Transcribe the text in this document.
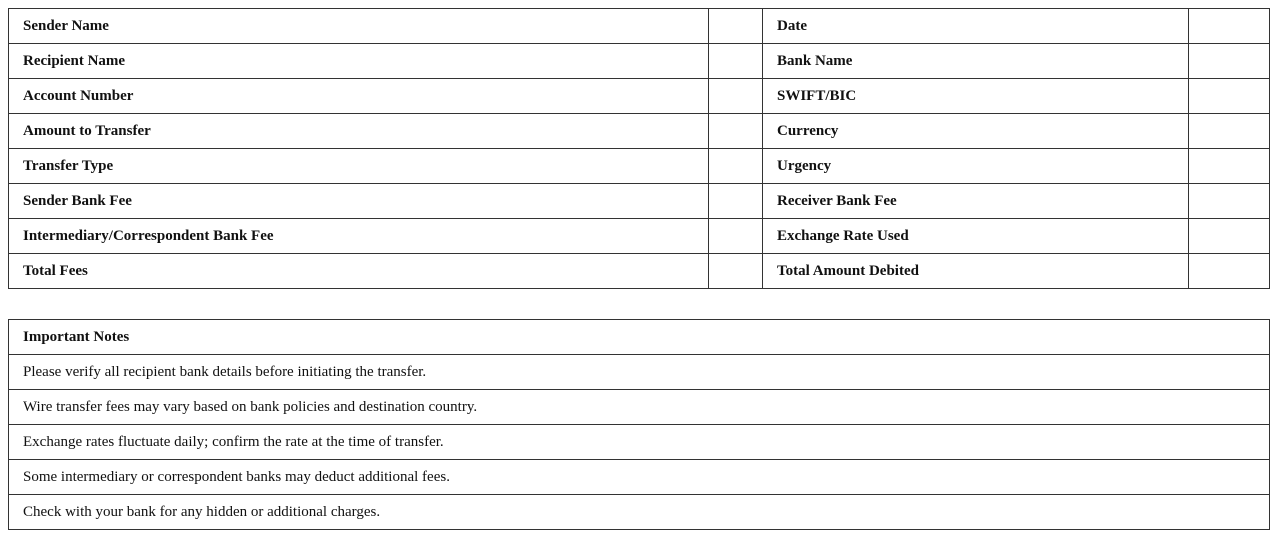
Sender Name		Date	
Recipient Name		Bank Name	
Account Number		SWIFT/BIC	
Amount to Transfer		Currency	
Transfer Type		Urgency	
Sender Bank Fee		Receiver Bank Fee	
Intermediary/Correspondent Bank Fee		Exchange Rate Used	
Total Fees		Total Amount Debited	
Important Notes
Please verify all recipient bank details before initiating the transfer.
Wire transfer fees may vary based on bank policies and destination country.
Exchange rates fluctuate daily; confirm the rate at the time of transfer.
Some intermediary or correspondent banks may deduct additional fees.
Check with your bank for any hidden or additional charges.
